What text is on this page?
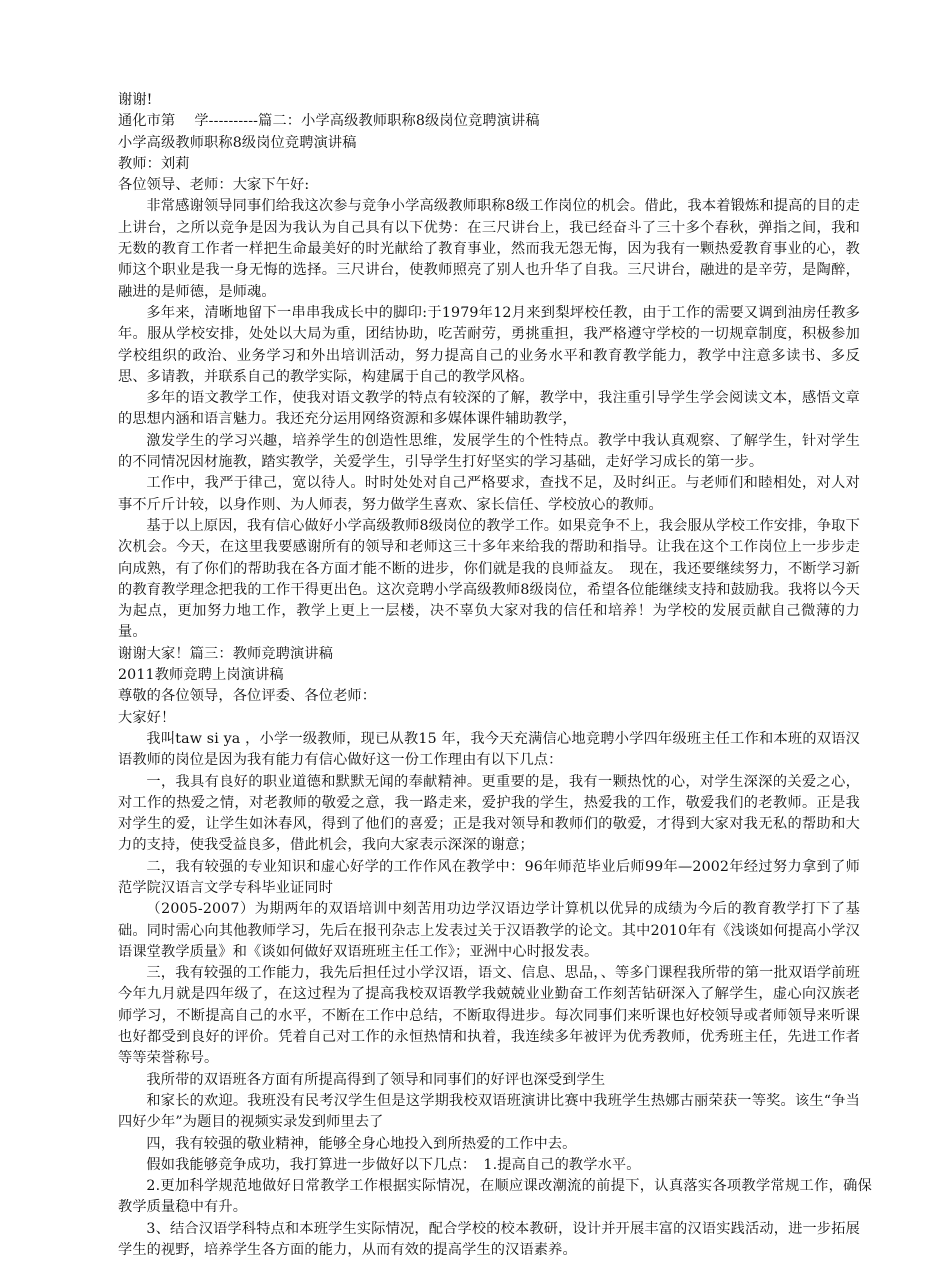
谢谢!

通化市第　 学----------篇二：小学高级教师职称8级岗位竞聘演讲稿

小学高级教师职称8级岗位竞聘演讲稿

教师：刘莉

各位领导、老师：大家下午好:

非常感谢领导同事们给我这次参与竞争小学高级教师职称8级工作岗位的机会。借此，我本着锻炼和提高的目的走上讲台，之所以竞争是因为我认为自己具有以下优势：在三尺讲台上，我已经奋斗了三十多个春秋，弹指之间，我和无数的教育工作者一样把生命最美好的时光献给了教育事业，然而我无怨无悔，因为我有一颗热爱教育事业的心，教师这个职业是我一身无悔的选择。三尺讲台，使教师照亮了别人也升华了自我。三尺讲台，融进的是辛劳，是陶醉，融进的是师德，是师魂。

多年来，清晰地留下一串串我成长中的脚印:于1979年12月来到梨坪校任教，由于工作的需要又调到油房任教多年。服从学校安排，处处以大局为重，团结协助，吃苦耐劳，勇挑重担，我严格遵守学校的一切规章制度，积极参加学校组织的政治、业务学习和外出培训活动，努力提高自己的业务水平和教育教学能力，教学中注意多读书、多反思、多请教，并联系自己的教学实际，构建属于自己的教学风格。

多年的语文教学工作，使我对语文教学的特点有较深的了解，教学中，我注重引导学生学会阅读文本，感悟文章的思想内涵和语言魅力。我还充分运用网络资源和多媒体课件辅助教学，

激发学生的学习兴趣，培养学生的创造性思维，发展学生的个性特点。教学中我认真观察、了解学生，针对学生的不同情况因材施教，踏实教学，关爱学生，引导学生打好坚实的学习基础，走好学习成长的第一步。

工作中，我严于律己，宽以待人。时时处处对自己严格要求，查找不足，及时纠正。与老师们和睦相处，对人对事不斤斤计较，以身作则、为人师表，努力做学生喜欢、家长信任、学校放心的教师。

基于以上原因，我有信心做好小学高级教师8级岗位的教学工作。如果竞争不上，我会服从学校工作安排，争取下次机会。今天，在这里我要感谢所有的领导和老师这三十多年来给我的帮助和指导。让我在这个工作岗位上一步步走向成熟，有了你们的帮助我在各方面才能不断的进步，你们就是我的良师益友。　现在，我还要继续努力，不断学习新的教育教学理念把我的工作干得更出色。这次竞聘小学高级教师8级岗位，希望各位能继续支持和鼓励我。我将以今天为起点，更加努力地工作，教学上更上一层楼，决不辜负大家对我的信任和培养！为学校的发展贡献自己微薄的力量。

谢谢大家！篇三：教师竞聘演讲稿

2011教师竞聘上岗演讲稿

尊敬的各位领导，各位评委、各位老师：

大家好！

我叫taw si ya ，小学一级教师，现已从教15 年，我今天充满信心地竞聘小学四年级班主任工作和本班的双语汉语教师的岗位是因为我有能力有信心做好这一份工作理由有以下几点：

一，我具有良好的职业道德和默默无闻的奉献精神。更重要的是，我有一颗热忱的心，对学生深深的关爱之心，对工作的热爱之情，对老教师的敬爱之意，我一路走来，爱护我的学生，热爱我的工作，敬爱我们的老教师。正是我对学生的爱，让学生如沐春风，得到了他们的喜爱；正是我对领导和教师们的敬爱，才得到大家对我无私的帮助和大力的支持，使我受益良多，借此机会，我向大家表示深深的谢意；

二，我有较强的专业知识和虚心好学的工作作风在教学中：96年师范毕业后师99年—2002年经过努力拿到了师范学院汉语言文学专科毕业证同时

（2005-2007）为期两年的双语培训中刻苦用功边学汉语边学计算机以优异的成绩为今后的教育教学打下了基础。同时需心向其他教师学习，先后在报刊杂志上发表过关于汉语教学的论文。其中2010年有《浅谈如何提高小学汉语课堂教学质量》和《谈如何做好双语班班主任工作》；亚洲中心时报发表。

三，我有较强的工作能力，我先后担任过小学汉语，语文、信息、思品，、等多门课程我所带的第一批双语学前班今年九月就是四年级了，在这过程为了提高我校双语教学我兢兢业业勤奋工作刻苦钻研深入了解学生，虚心向汉族老师学习，不断提高自己的水平，不断在工作中总结，不断取得进步。每次同事们来听课也好校领导或者师领导来听课也好都受到良好的评价。凭着自己对工作的永恒热情和执着，我连续多年被评为优秀教师，优秀班主任，先进工作者等等荣誉称号。

我所带的双语班各方面有所提高得到了领导和同事们的好评也深受到学生

和家长的欢迎。我班没有民考汉学生但是这学期我校双语班演讲比赛中我班学生热娜古丽荣获一等奖。该生“争当四好少年”为题目的视频实录发到师里去了

四，我有较强的敬业精神，能够全身心地投入到所热爱的工作中去。

假如我能够竞争成功，我打算进一步做好以下几点：　1.提高自己的教学水平。

2.更加科学规范地做好日常教学工作根据实际情况，在顺应课改潮流的前提下，认真落实各项教学常规工作，确保教学质量稳中有升。

3、结合汉语学科特点和本班学生实际情况，配合学校的校本教研，设计并开展丰富的汉语实践活动，进一步拓展学生的视野，培养学生各方面的能力，从而有效的提高学生的汉语素养。
